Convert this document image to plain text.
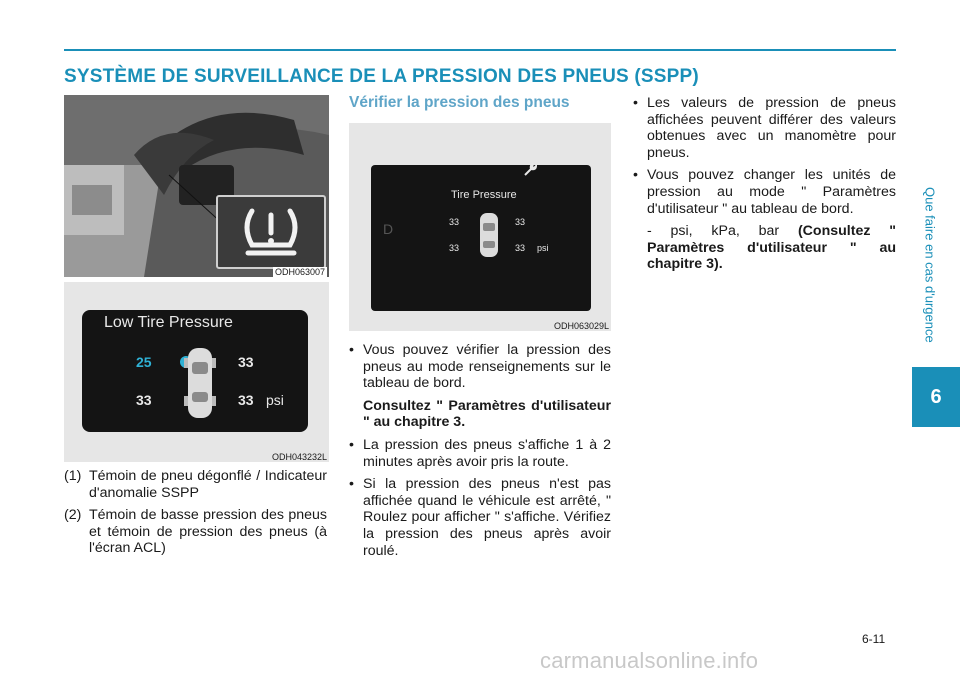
SYSTÈME DE SURVEILLANCE DE LA PRESSION DES PNEUS (SSPP)
Que faire en cas d'urgence
6
ODH063007
Low Tire Pressure
25	33
33	33 psi
ODH043232L
(1) Témoin de pneu dégonflé / Indicateur d'anomalie SSPP
(2) Témoin de basse pression des pneus et témoin de pression des pneus (à l'écran ACL)

Vérifier la pression des pneus

Tire Pressure
D	33	33
33	33 psi
ODH063029L
• Vous pouvez vérifier la pression des pneus au mode renseignements sur le tableau de bord.

Consultez " Paramètres d'utilisateur " au chapitre 3.

• La pression des pneus s'affiche 1 à 2 minutes après avoir pris la route.
• Si la pression des pneus n'est pas affichée quand le véhicule est arrêté, " Roulez pour afficher " s'affiche. Vérifiez la pression des pneus après avoir roulé.
• Les valeurs de pression de pneus affichées peuvent différer des valeurs obtenues avec un manomètre pour pneus.
• Vous pouvez changer les unités de pression au mode " Paramètres d'utilisateur " au tableau de bord.

- psi, kPa, bar (Consultez " Paramètres d'utilisateur " au chapitre 3).

6-11
carmanualsonline.info
